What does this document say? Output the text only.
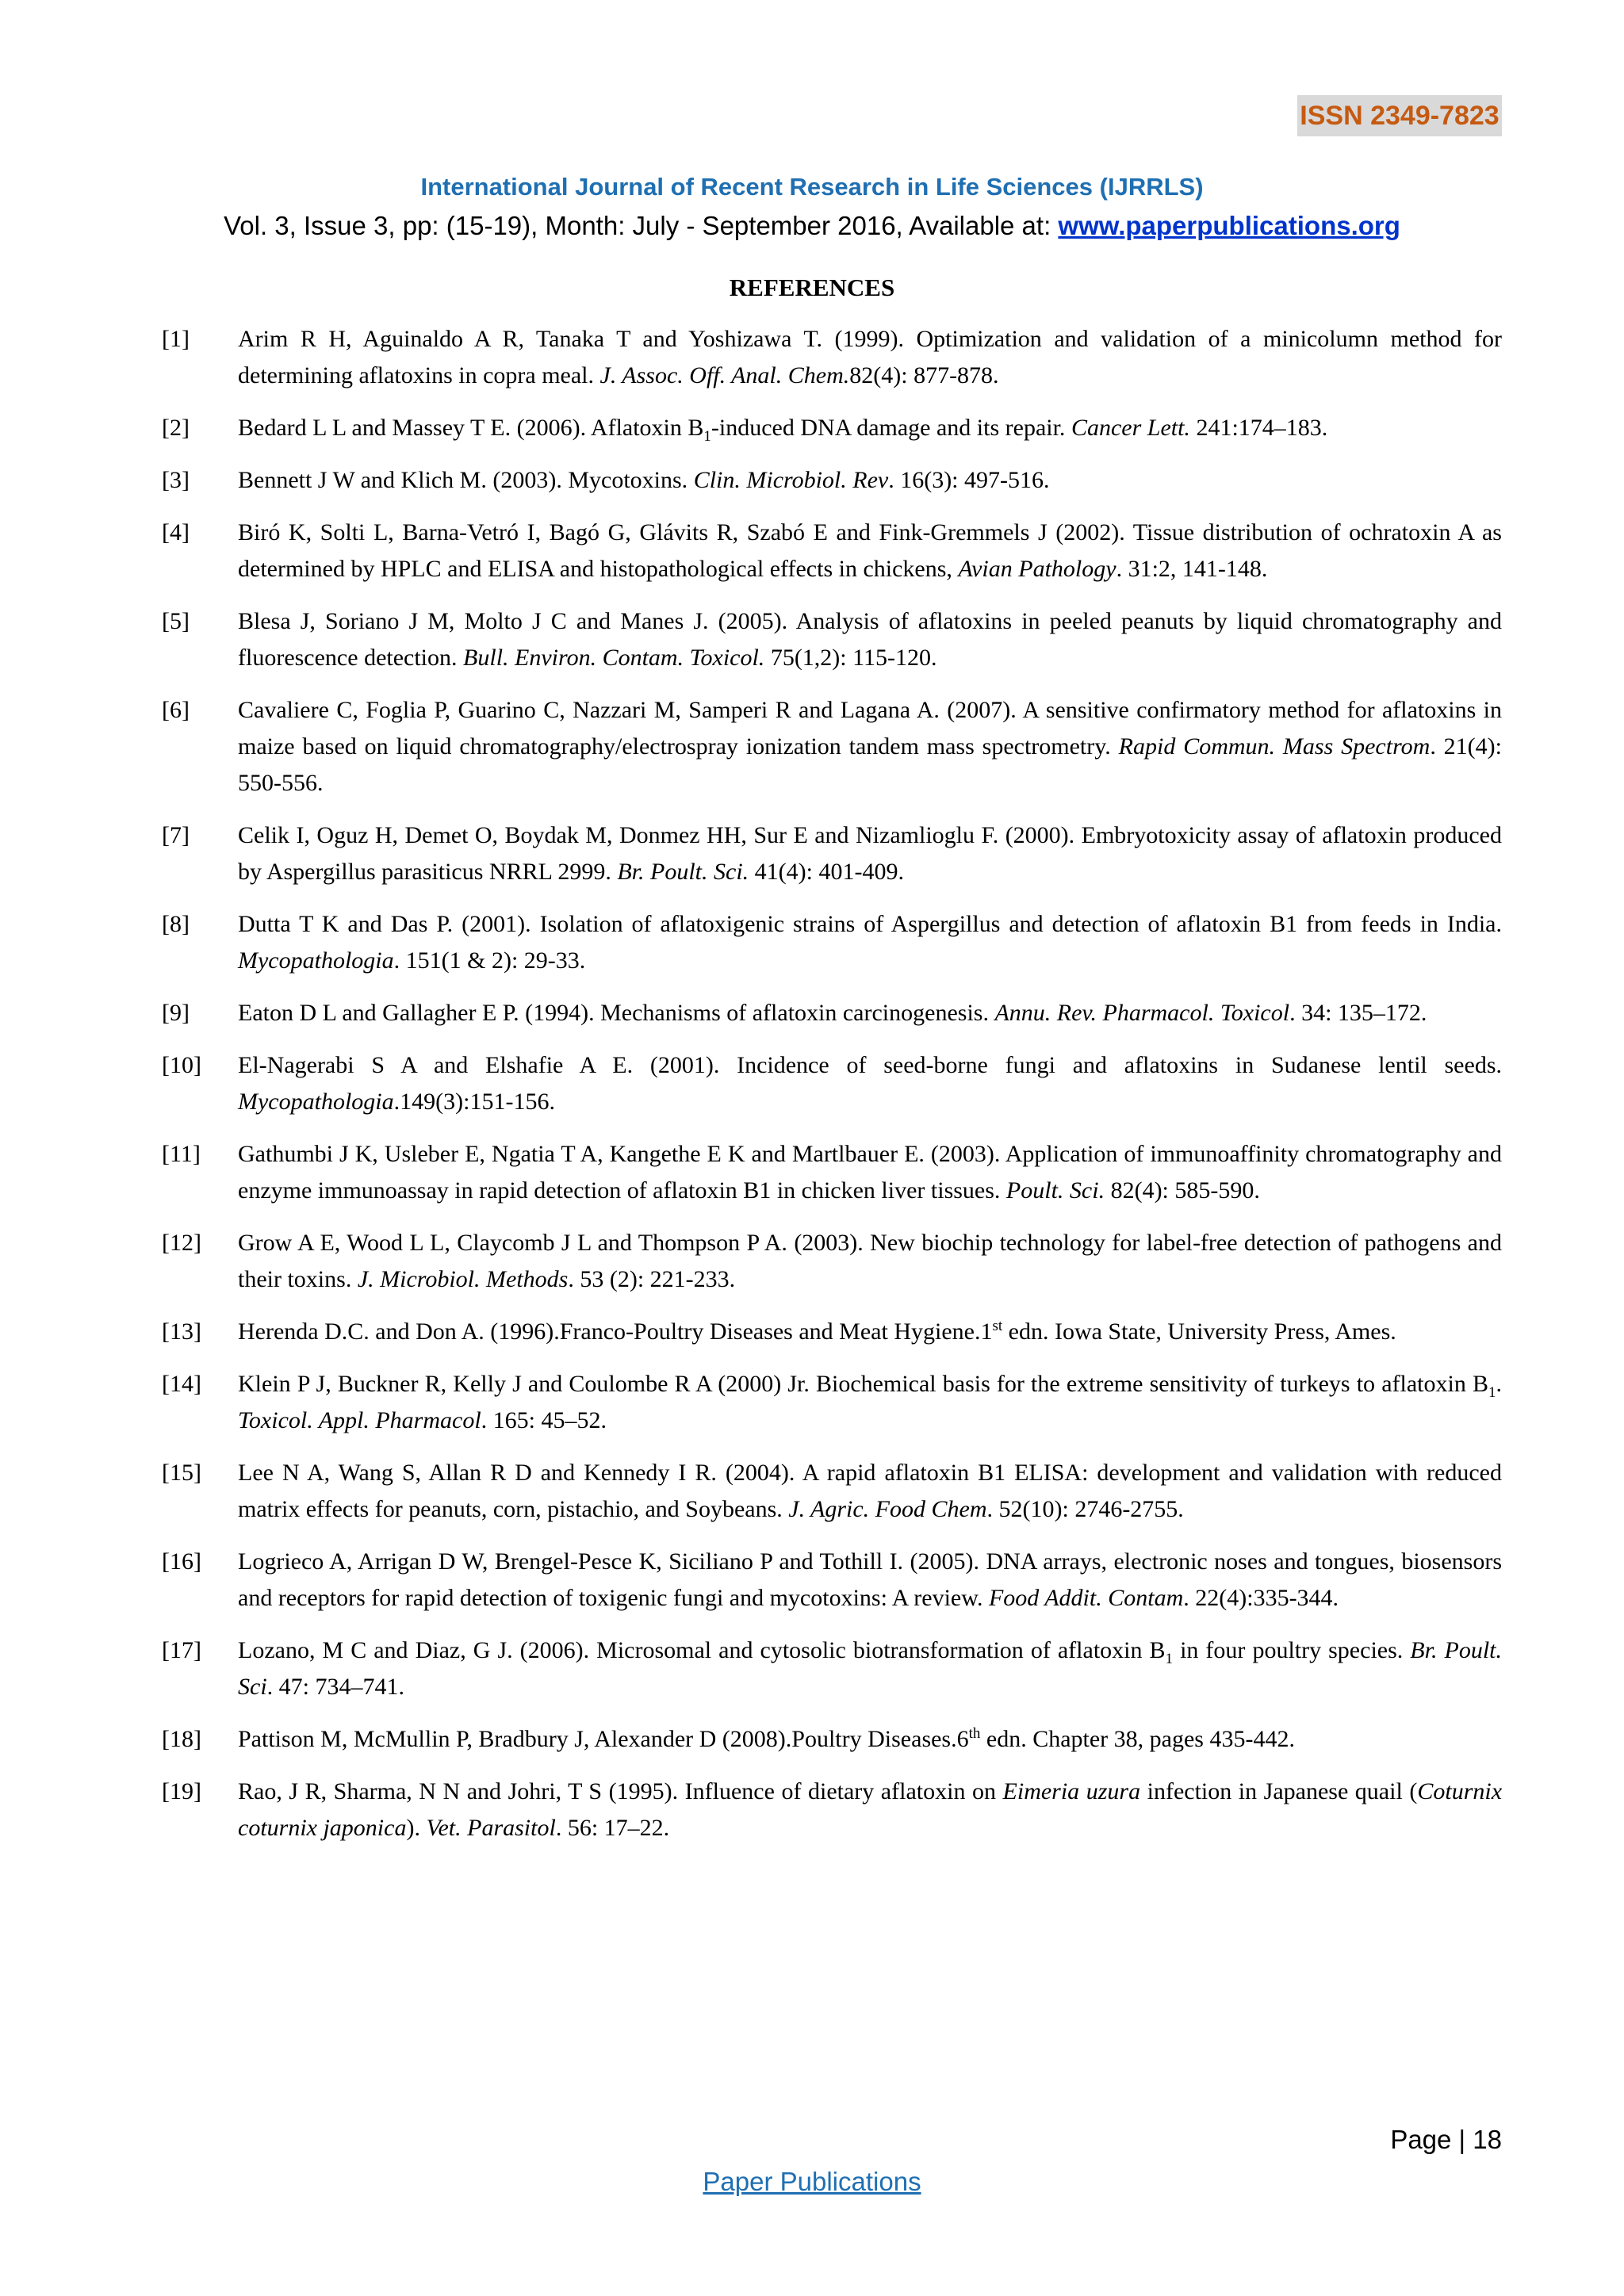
ISSN 2349-7823
International Journal of Recent Research in Life Sciences (IJRRLS)
Vol. 3, Issue 3, pp: (15-19), Month: July - September 2016, Available at: www.paperpublications.org
REFERENCES
[1]	Arim R H, Aguinaldo A R, Tanaka T and Yoshizawa T. (1999). Optimization and validation of a minicolumn method for determining aflatoxins in copra meal. J. Assoc. Off. Anal. Chem.82(4): 877-878.
[2]	Bedard L L and Massey T E. (2006). Aflatoxin $B_1$-induced DNA damage and its repair. Cancer Lett. 241:174–183.
[3]	Bennett J W and Klich M. (2003). Mycotoxins. Clin. Microbiol. Rev. 16(3): 497-516.
[4]	Biró K, Solti L, Barna-Vetró I, Bagó G, Glávits R, Szabó E and Fink-Gremmels J (2002). Tissue distribution of ochratoxin A as determined by HPLC and ELISA and histopathological effects in chickens, Avian Pathology. 31:2, 141-148.
[5]	Blesa J, Soriano J M, Molto J C and Manes J. (2005). Analysis of aflatoxins in peeled peanuts by liquid chromatography and fluorescence detection. Bull. Environ. Contam. Toxicol. 75(1,2): 115-120.
[6]	Cavaliere C, Foglia P, Guarino C, Nazzari M, Samperi R and Lagana A. (2007). A sensitive confirmatory method for aflatoxins in maize based on liquid chromatography/electrospray ionization tandem mass spectrometry. Rapid Commun. Mass Spectrom. 21(4): 550-556.
[7]	Celik I, Oguz H, Demet O, Boydak M, Donmez HH, Sur E and Nizamlioglu F. (2000). Embryotoxicity assay of aflatoxin produced by Aspergillus parasiticus NRRL 2999. Br. Poult. Sci. 41(4): 401-409.
[8]	Dutta T K and Das P. (2001). Isolation of aflatoxigenic strains of Aspergillus and detection of aflatoxin B1 from feeds in India. Mycopathologia. 151(1 & 2): 29-33.
[9]	Eaton D L and Gallagher E P. (1994). Mechanisms of aflatoxin carcinogenesis. Annu. Rev. Pharmacol. Toxicol. 34: 135–172.
[10]	El-Nagerabi S A and Elshafie A E. (2001). Incidence of seed-borne fungi and aflatoxins in Sudanese lentil seeds. Mycopathologia.149(3):151-156.
[11]	Gathumbi J K, Usleber E, Ngatia T A, Kangethe E K and Martlbauer E. (2003). Application of immunoaffinity chromatography and enzyme immunoassay in rapid detection of aflatoxin B1 in chicken liver tissues. Poult. Sci. 82(4): 585-590.
[12]	Grow A E, Wood L L, Claycomb J L and Thompson P A. (2003). New biochip technology for label-free detection of pathogens and their toxins. J. Microbiol. Methods. 53 (2): 221-233.
[13]	Herenda D.C. and Don A. (1996).Franco-Poultry Diseases and Meat Hygiene.1st edn. Iowa State, University Press, Ames.
[14]	Klein P J, Buckner R, Kelly J and Coulombe R A (2000) Jr. Biochemical basis for the extreme sensitivity of turkeys to aflatoxin $B_1$. Toxicol. Appl. Pharmacol. 165: 45–52.
[15]	Lee N A, Wang S, Allan R D and Kennedy I R. (2004). A rapid aflatoxin B1 ELISA: development and validation with reduced matrix effects for peanuts, corn, pistachio, and Soybeans. J. Agric. Food Chem. 52(10): 2746-2755.
[16]	Logrieco A, Arrigan D W, Brengel-Pesce K, Siciliano P and Tothill I. (2005). DNA arrays, electronic noses and tongues, biosensors and receptors for rapid detection of toxigenic fungi and mycotoxins: A review. Food Addit. Contam. 22(4):335-344.
[17]	Lozano, M C and Diaz, G J. (2006). Microsomal and cytosolic biotransformation of aflatoxin $B_1$ in four poultry species. Br. Poult. Sci. 47: 734–741.
[18]	Pattison M, McMullin P, Bradbury J, Alexander D (2008).Poultry Diseases.6th edn. Chapter 38, pages 435-442.
[19]	Rao, J R, Sharma, N N and Johri, T S (1995). Influence of dietary aflatoxin on Eimeria uzura infection in Japanese quail (Coturnix coturnix japonica). Vet. Parasitol. 56: 17–22.
Page | 18
Paper Publications
